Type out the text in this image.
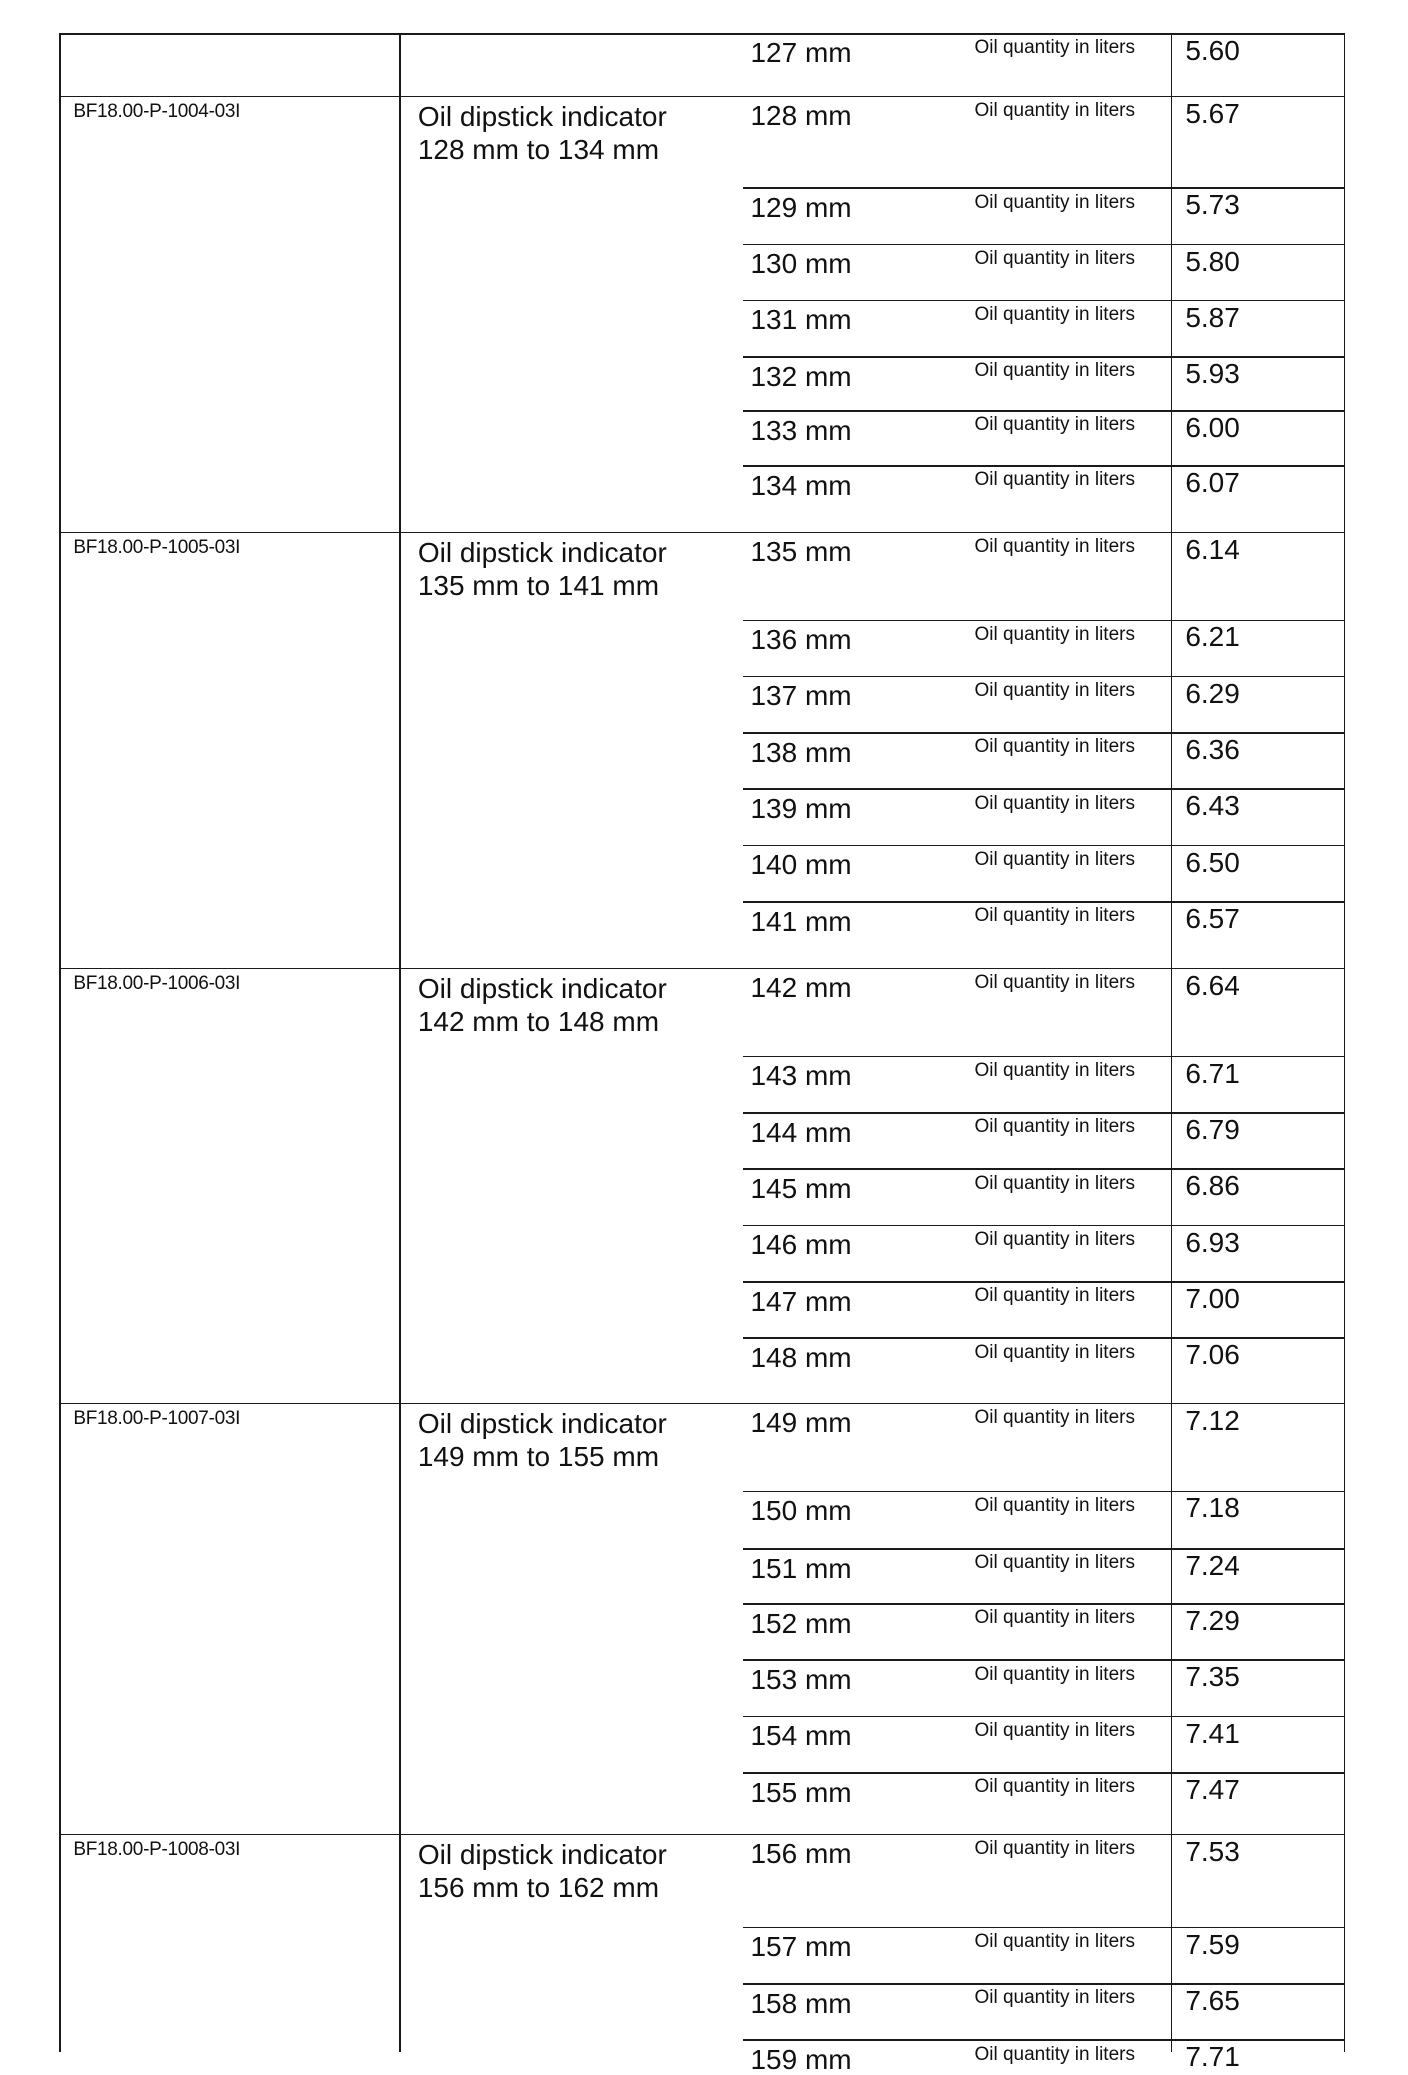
127 mm	Oil quantity in liters 5.60
BF18.00-P-1004-03I	Oil dipstick indicator
128 mm to 134 mm
128 mm	Oil quantity in liters 5.67
129 mm	Oil quantity in liters 5.73
130 mm	Oil quantity in liters 5.80
131 mm	Oil quantity in liters 5.87
132 mm	Oil quantity in liters 5.93
133 mm	Oil quantity in liters 6.00
134 mm	Oil quantity in liters 6.07
BF18.00-P-1005-03I	Oil dipstick indicator
135 mm to 141 mm
135 mm	Oil quantity in liters 6.14
136 mm	Oil quantity in liters 6.21
137 mm	Oil quantity in liters 6.29
138 mm	Oil quantity in liters 6.36
139 mm	Oil quantity in liters 6.43
140 mm	Oil quantity in liters 6.50
141 mm	Oil quantity in liters 6.57
BF18.00-P-1006-03I	Oil dipstick indicator
142 mm to 148 mm
142 mm	Oil quantity in liters 6.64
143 mm	Oil quantity in liters 6.71
144 mm	Oil quantity in liters 6.79
145 mm	Oil quantity in liters 6.86
146 mm	Oil quantity in liters 6.93
147 mm	Oil quantity in liters 7.00
148 mm	Oil quantity in liters 7.06
BF18.00-P-1007-03I	Oil dipstick indicator
149 mm to 155 mm
149 mm	Oil quantity in liters 7.12
150 mm	Oil quantity in liters 7.18
151 mm	Oil quantity in liters 7.24
152 mm	Oil quantity in liters 7.29
153 mm	Oil quantity in liters 7.35
154 mm	Oil quantity in liters 7.41
155 mm	Oil quantity in liters 7.47
BF18.00-P-1008-03I	Oil dipstick indicator
156 mm to 162 mm
156 mm	Oil quantity in liters 7.53
157 mm	Oil quantity in liters 7.59
158 mm	Oil quantity in liters 7.65
159 mm	Oil quantity in liters 7.71
